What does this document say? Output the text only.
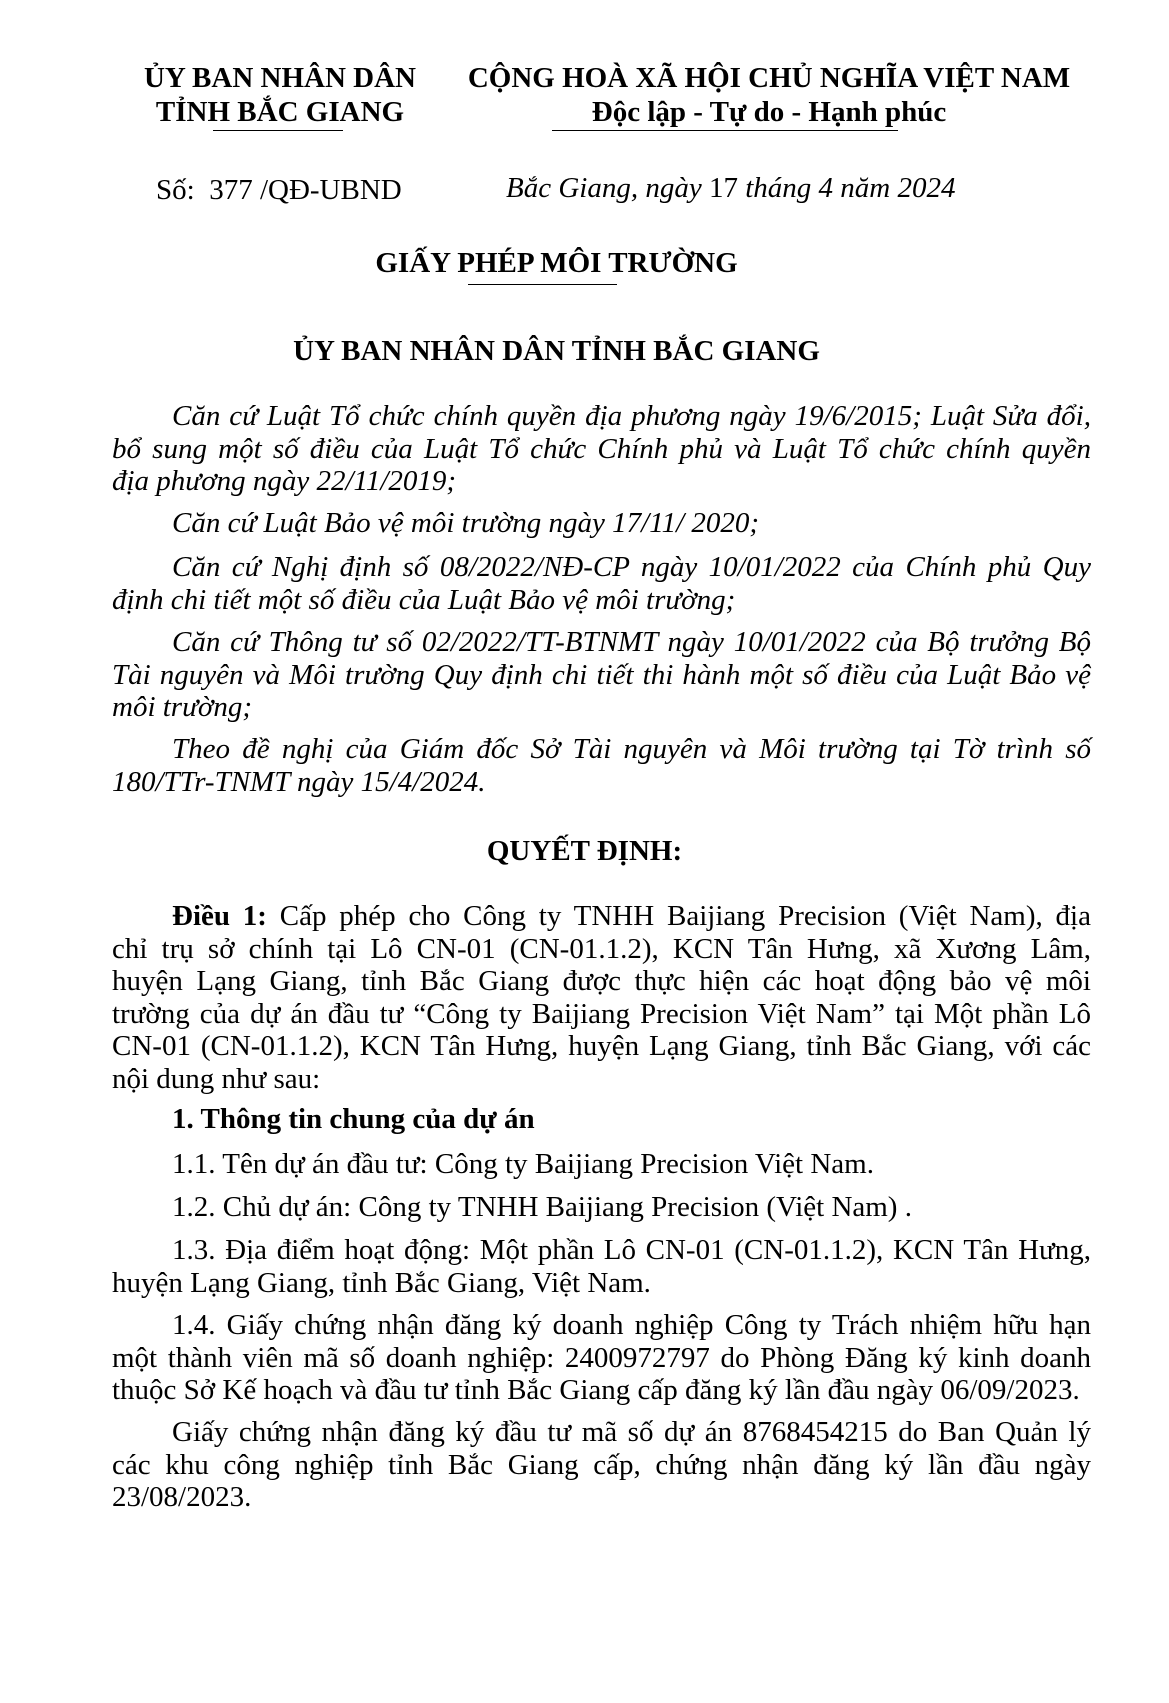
ỦY BAN NHÂN DÂN
TỈNH BẮC GIANG
CỘNG HOÀ XÃ HỘI CHỦ NGHĨA VIỆT NAM
Độc lập - Tự do - Hạnh phúc
Số: 377 /QĐ-UBND	Bắc Giang, ngày 17 tháng 4 năm 2024
GIẤY PHÉP MÔI TRƯỜNG
ỦY BAN NHÂN DÂN TỈNH BẮC GIANG
Căn cứ Luật Tổ chức chính quyền địa phương ngày 19/6/2015; Luật Sửa đổi,
bổ sung một số điều của Luật Tổ chức Chính phủ và Luật Tổ chức chính quyền
địa phương ngày 22/11/2019;
Căn cứ Luật Bảo vệ môi trường ngày 17/11/ 2020;
Căn cứ Nghị định số 08/2022/NĐ-CP ngày 10/01/2022 của Chính phủ Quy
định chi tiết một số điều của Luật Bảo vệ môi trường;
Căn cứ Thông tư số 02/2022/TT-BTNMT ngày 10/01/2022 của Bộ trưởng Bộ
Tài nguyên và Môi trường Quy định chi tiết thi hành một số điều của Luật Bảo vệ
môi trường;
Theo đề nghị của Giám đốc Sở Tài nguyên và Môi trường tại Tờ trình số
180/TTr-TNMT ngày 15/4/2024.
QUYẾT ĐỊNH:
Điều 1: Cấp phép cho Công ty TNHH Baijiang Precision (Việt Nam), địa
chỉ trụ sở chính tại Lô CN-01 (CN-01.1.2), KCN Tân Hưng, xã Xương Lâm,
huyện Lạng Giang, tỉnh Bắc Giang được thực hiện các hoạt động bảo vệ môi
trường của dự án đầu tư “Công ty Baijiang Precision Việt Nam” tại Một phần Lô
CN-01 (CN-01.1.2), KCN Tân Hưng, huyện Lạng Giang, tỉnh Bắc Giang, với các
nội dung như sau:
1. Thông tin chung của dự án
1.1. Tên dự án đầu tư: Công ty Baijiang Precision Việt Nam.
1.2. Chủ dự án: Công ty TNHH Baijiang Precision (Việt Nam) .
1.3. Địa điểm hoạt động: Một phần Lô CN-01 (CN-01.1.2), KCN Tân Hưng,
huyện Lạng Giang, tỉnh Bắc Giang, Việt Nam.
1.4. Giấy chứng nhận đăng ký doanh nghiệp Công ty Trách nhiệm hữu hạn
một thành viên mã số doanh nghiệp: 2400972797 do Phòng Đăng ký kinh doanh
thuộc Sở Kế hoạch và đầu tư tỉnh Bắc Giang cấp đăng ký lần đầu ngày 06/09/2023.
Giấy chứng nhận đăng ký đầu tư mã số dự án 8768454215 do Ban Quản lý
các khu công nghiệp tỉnh Bắc Giang cấp, chứng nhận đăng ký lần đầu ngày
23/08/2023.
